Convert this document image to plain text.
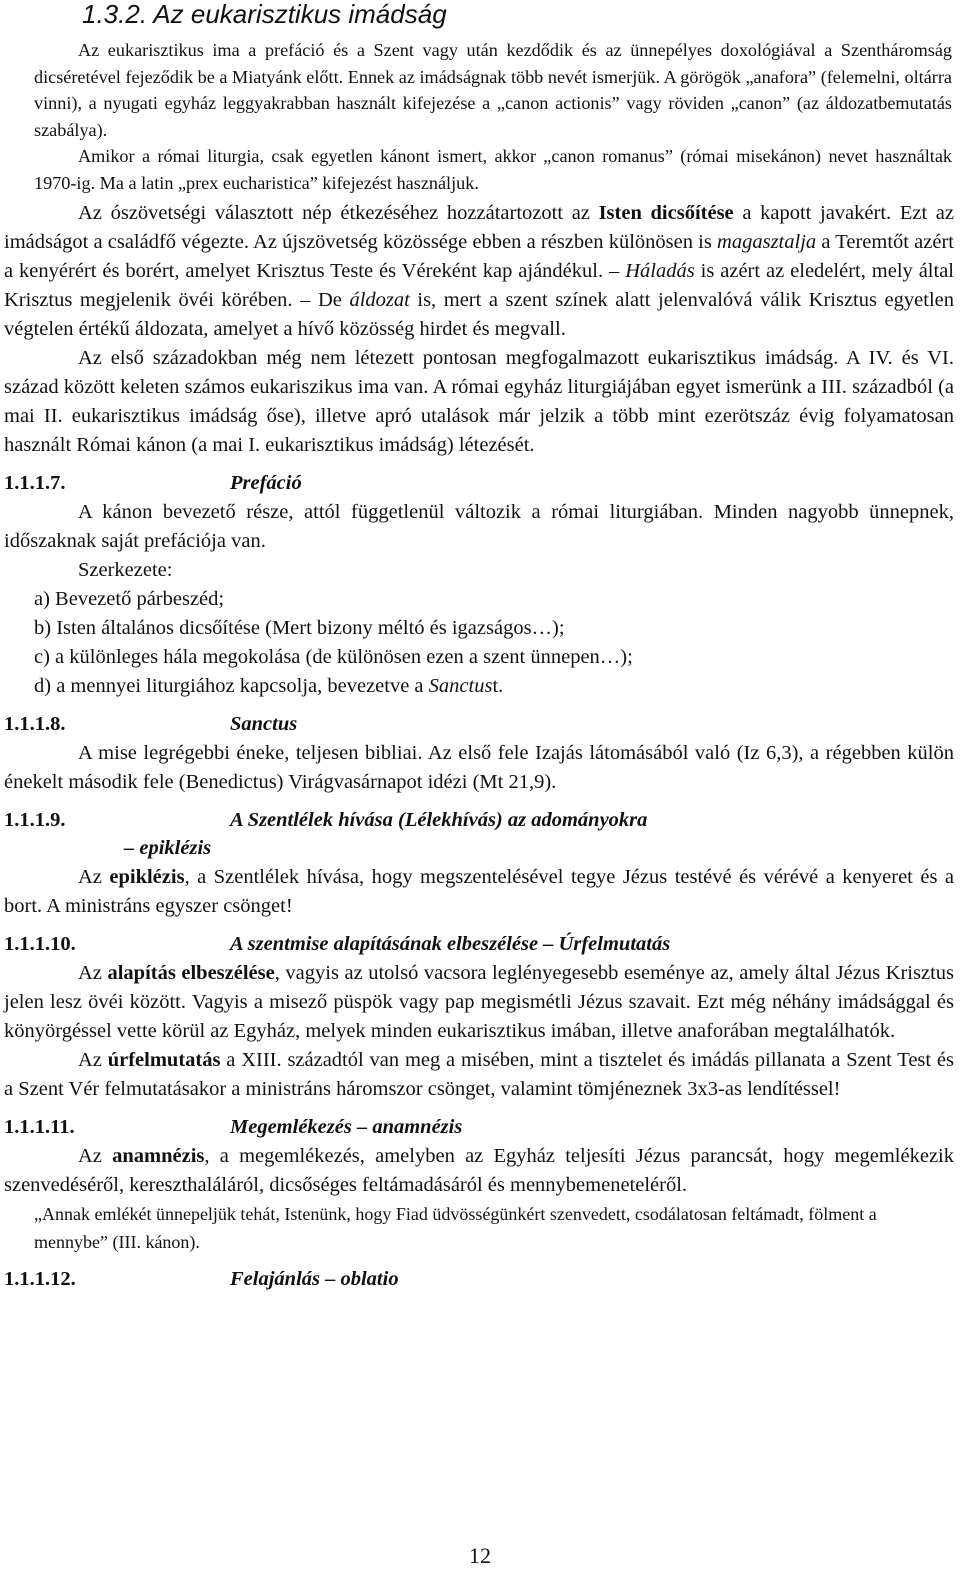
1.3.2. Az eukarisztikus imádság

Az eukarisztikus ima a prefáció és a Szent vagy után kezdődik és az ünnepélyes doxológiával a Szentháromság dicséretével fejeződik be a Miatyánk előtt. Ennek az imádságnak több nevét ismerjük. A görögök „anafora” (felemelni, oltárra vinni), a nyugati egyház leggyakrabban használt kifejezése a „canon actionis” vagy röviden „canon” (az áldozatbemutatás szabálya).

Amikor a római liturgia, csak egyetlen kánont ismert, akkor „canon romanus” (római misekánon) nevet használtak 1970-ig. Ma a latin „prex eucharistica” kifejezést használjuk.

Az ószövetségi választott nép étkezéséhez hozzátartozott az Isten dicsőítése a kapott javakért. Ezt az imádságot a családfő végezte. Az újszövetség közössége ebben a részben különösen is magasztalja a Teremtőt azért a kenyérért és borért, amelyet Krisztus Teste és Véreként kap ajándékul. – Háladás is azért az eledelért, mely által Krisztus megjelenik övéi körében. – De áldozat is, mert a szent színek alatt jelenvalóvá válik Krisztus egyetlen végtelen értékű áldozata, amelyet a hívő közösség hirdet és megvall.

Az első századokban még nem létezett pontosan megfogalmazott eukarisztikus imádság. A IV. és VI. század között keleten számos eukariszikus ima van. A római egyház liturgiájában egyet ismerünk a III. századból (a mai II. eukarisztikus imádság őse), illetve apró utalások már jelzik a több mint ezerötszáz évig folyamatosan használt Római kánon (a mai I. eukarisztikus imádság) létezését.

1.1.1.7.	Prefáció

A kánon bevezető része, attól függetlenül változik a római liturgiában. Minden nagyobb ünnepnek, időszaknak saját prefációja van.

Szerkezete:

a) Bevezető párbeszéd;

b) Isten általános dicsőítése (Mert bizony méltó és igazságos…);

c) a különleges hála megokolása (de különösen ezen a szent ünnepen…);

d) a mennyei liturgiához kapcsolja, bevezetve a Sanctust.

1.1.1.8.	Sanctus

A mise legrégebbi éneke, teljesen bibliai. Az első fele Izajás látomásából való (Iz 6,3), a régebben külön énekelt második fele (Benedictus) Virágvasárnapot idézi (Mt 21,9).

1.1.1.9.	A Szentlélek hívása (Lélekhívás) az adományokra
– epiklézis

Az epiklézis, a Szentlélek hívása, hogy megszentelésével tegye Jézus testévé és vérévé a kenyeret és a bort. A ministráns egyszer csönget!

1.1.1.10.	A szentmise alapításának elbeszélése – Úrfelmutatás

Az alapítás elbeszélése, vagyis az utolsó vacsora leglényegesebb eseménye az, amely által Jézus Krisztus jelen lesz övéi között. Vagyis a misező püspök vagy pap megismétli Jézus szavait. Ezt még néhány imádsággal és könyörgéssel vette körül az Egyház, melyek minden eukarisztikus imában, illetve anaforában megtalálhatók.

Az úrfelmutatás a XIII. századtól van meg a misében, mint a tisztelet és imádás pillanata a Szent Test és a Szent Vér felmutatásakor a ministráns háromszor csönget, valamint tömjéneznek 3x3-as lendítéssel!

1.1.1.11.	Megemlékezés – anamnézis

Az anamnézis, a megemlékezés, amelyben az Egyház teljesíti Jézus parancsát, hogy megemlékezik szenvedéséről, kereszthaláláról, dicsőséges feltámadásáról és mennybemeneteléről.

„Annak emlékét ünnepeljük tehát, Istenünk, hogy Fiad üdvösségünkért szenvedett, csodálatosan feltámadt, fölment a mennybe” (III. kánon).

1.1.1.12.	Felajánlás – oblatio
12
